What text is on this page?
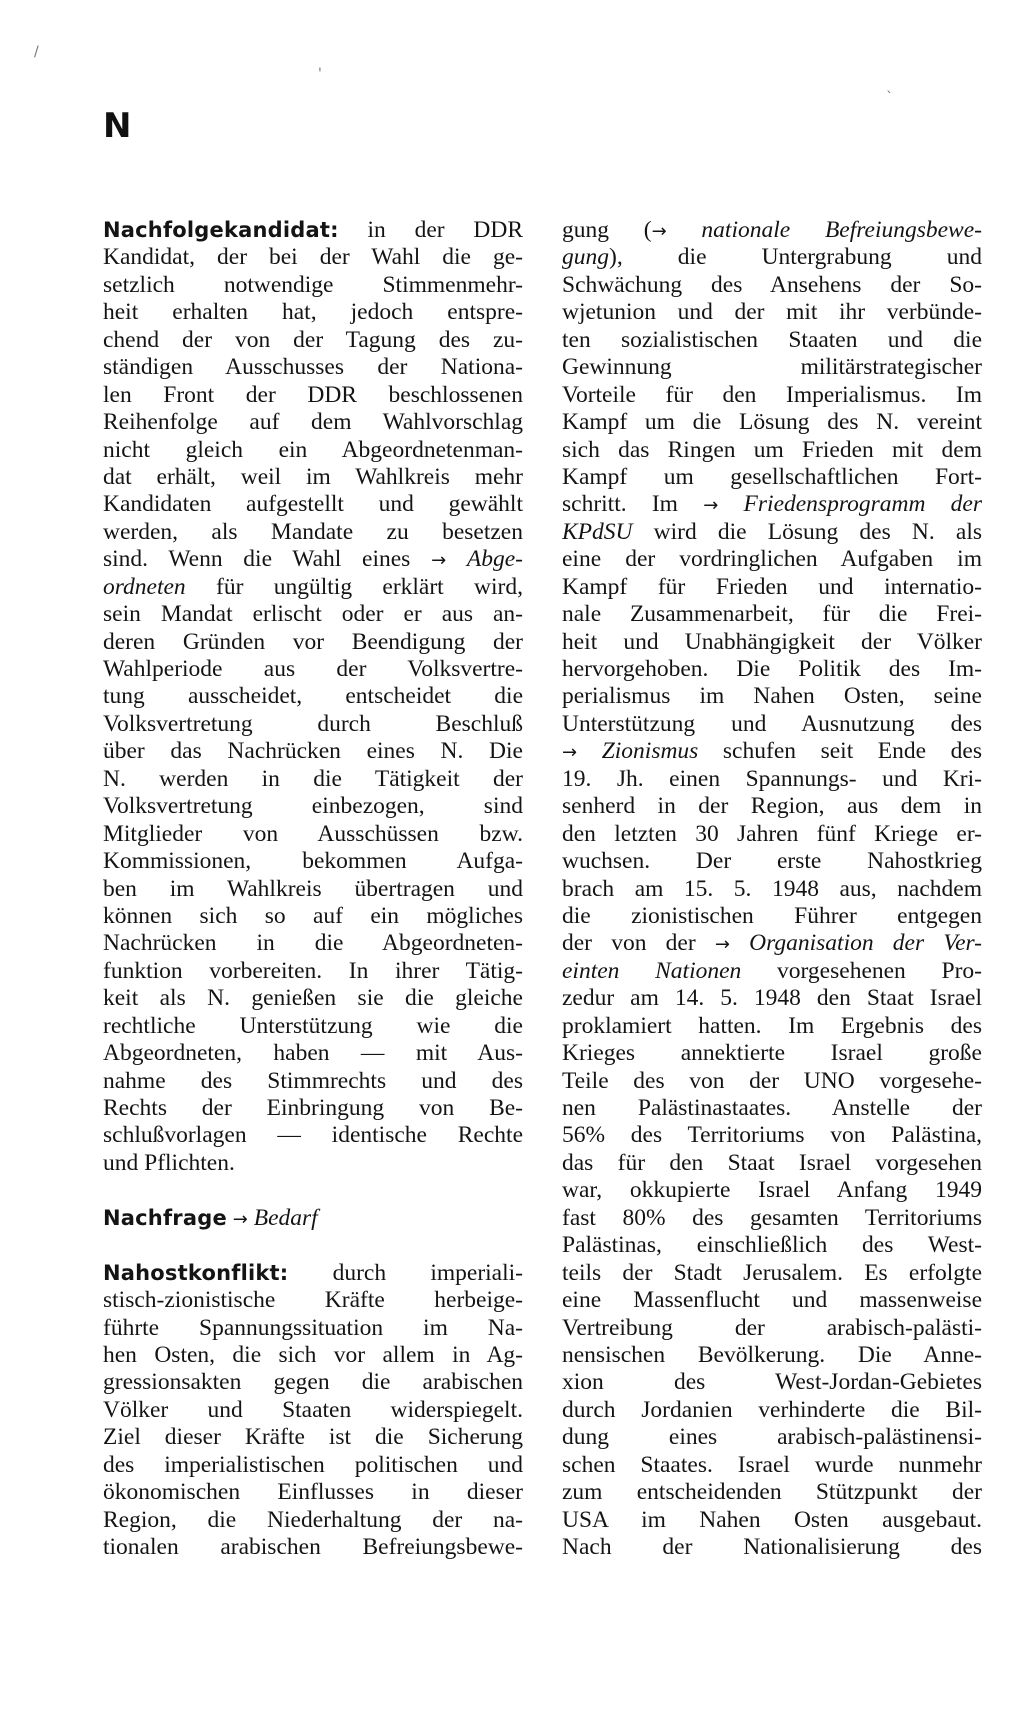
N
Nachfolgekandidat: in der DDR
Kandidat, der bei der Wahl die ge-
setzlich notwendige Stimmenmehr-
heit erhalten hat, jedoch entspre-
chend der von der Tagung des zu-
ständigen Ausschusses der Nationa-
len Front der DDR beschlossenen
Reihenfolge auf dem Wahlvorschlag
nicht gleich ein Abgeordnetenman-
dat erhält, weil im Wahlkreis mehr
Kandidaten aufgestellt und gewählt
werden, als Mandate zu besetzen
sind. Wenn die Wahl eines → Abge-
ordneten für ungültig erklärt wird,
sein Mandat erlischt oder er aus an-
deren Gründen vor Beendigung der
Wahlperiode aus der Volksvertre-
tung ausscheidet, entscheidet die
Volksvertretung durch Beschluß
über das Nachrücken eines N. Die
N. werden in die Tätigkeit der
Volksvertretung einbezogen, sind
Mitglieder von Ausschüssen bzw.
Kommissionen, bekommen Aufga-
ben im Wahlkreis übertragen und
können sich so auf ein mögliches
Nachrücken in die Abgeordneten-
funktion vorbereiten. In ihrer Tätig-
keit als N. genießen sie die gleiche
rechtliche Unterstützung wie die
Abgeordneten, haben — mit Aus-
nahme des Stimmrechts und des
Rechts der Einbringung von Be-
schlußvorlagen — identische Rechte
und Pflichten.
Nachfrage → Bedarf
Nahostkonflikt: durch imperiali-
stisch-zionistische Kräfte herbeige-
führte Spannungssituation im Na-
hen Osten, die sich vor allem in Ag-
gressionsakten gegen die arabischen
Völker und Staaten widerspiegelt.
Ziel dieser Kräfte ist die Sicherung
des imperialistischen politischen und
ökonomischen Einflusses in dieser
Region, die Niederhaltung der na-
tionalen arabischen Befreiungsbewe-
gung (→ nationale Befreiungsbewe-
gung), die Untergrabung und
Schwächung des Ansehens der So-
wjetunion und der mit ihr verbünde-
ten sozialistischen Staaten und die
Gewinnung militärstrategischer
Vorteile für den Imperialismus. Im
Kampf um die Lösung des N. vereint
sich das Ringen um Frieden mit dem
Kampf um gesellschaftlichen Fort-
schritt. Im → Friedensprogramm der
KPdSU wird die Lösung des N. als
eine der vordringlichen Aufgaben im
Kampf für Frieden und internatio-
nale Zusammenarbeit, für die Frei-
heit und Unabhängigkeit der Völker
hervorgehoben. Die Politik des Im-
perialismus im Nahen Osten, seine
Unterstützung und Ausnutzung des
→ Zionismus schufen seit Ende des
19. Jh. einen Spannungs- und Kri-
senherd in der Region, aus dem in
den letzten 30 Jahren fünf Kriege er-
wuchsen. Der erste Nahostkrieg
brach am 15. 5. 1948 aus, nachdem
die zionistischen Führer entgegen
der von der → Organisation der Ver-
einten Nationen vorgesehenen Pro-
zedur am 14. 5. 1948 den Staat Israel
proklamiert hatten. Im Ergebnis des
Krieges annektierte Israel große
Teile des von der UNO vorgesehe-
nen Palästinastaates. Anstelle der
56% des Territoriums von Palästina,
das für den Staat Israel vorgesehen
war, okkupierte Israel Anfang 1949
fast 80% des gesamten Territoriums
Palästinas, einschließlich des West-
teils der Stadt Jerusalem. Es erfolgte
eine Massenflucht und massenweise
Vertreibung der arabisch-palästi-
nensischen Bevölkerung. Die Anne-
xion des West-Jordan-Gebietes
durch Jordanien verhinderte die Bil-
dung eines arabisch-palästinensi-
schen Staates. Israel wurde nunmehr
zum entscheidenden Stützpunkt der
USA im Nahen Osten ausgebaut.
Nach der Nationalisierung des
/
'
`
